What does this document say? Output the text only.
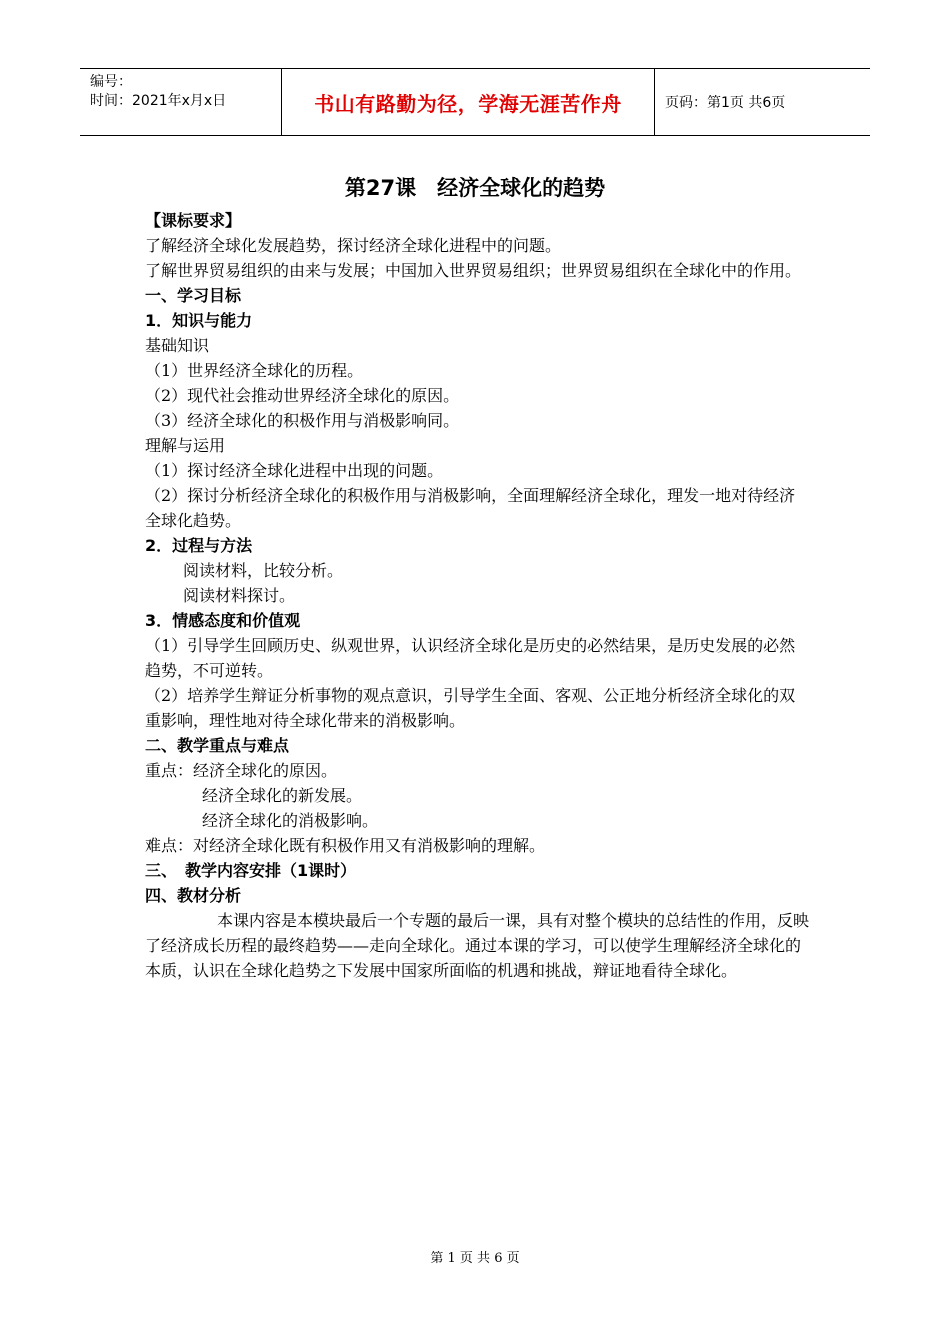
编号：
时间：2021年x月x日	书山有路勤为径，学海无涯苦作舟	页码：第1页 共6页
第27课　经济全球化的趋势
【课标要求】
了解经济全球化发展趋势，探讨经济全球化进程中的问题。
了解世界贸易组织的由来与发展；中国加入世界贸易组织；世界贸易组织在全球化中的作用。
一、学习目标
1．知识与能力
基础知识
（1）世界经济全球化的历程。
（2）现代社会推动世界经济全球化的原因。
（3）经济全球化的积极作用与消极影响同。
理解与运用
（1）探讨经济全球化进程中出现的问题。
（2）探讨分析经济全球化的积极作用与消极影响，全面理解经济全球化，理发一地对待经济全球化趋势。
2．过程与方法
阅读材料，比较分析。
阅读材料探讨。
3．情感态度和价值观
（1）引导学生回顾历史、纵观世界，认识经济全球化是历史的必然结果，是历史发展的必然趋势，不可逆转。
（2）培养学生辩证分析事物的观点意识，引导学生全面、客观、公正地分析经济全球化的双重影响，理性地对待全球化带来的消极影响。
二、教学重点与难点
重点：经济全球化的原因。
经济全球化的新发展。
经济全球化的消极影响。
难点：对经济全球化既有积极作用又有消极影响的理解。
三、　教学内容安排（1课时）
四、教材分析
本课内容是本模块最后一个专题的最后一课，具有对整个模块的总结性的作用，反映了经济成长历程的最终趋势——走向全球化。通过本课的学习，可以使学生理解经济全球化的本质，认识在全球化趋势之下发展中国家所面临的机遇和挑战，辩证地看待全球化。
第 1 页 共 6 页
